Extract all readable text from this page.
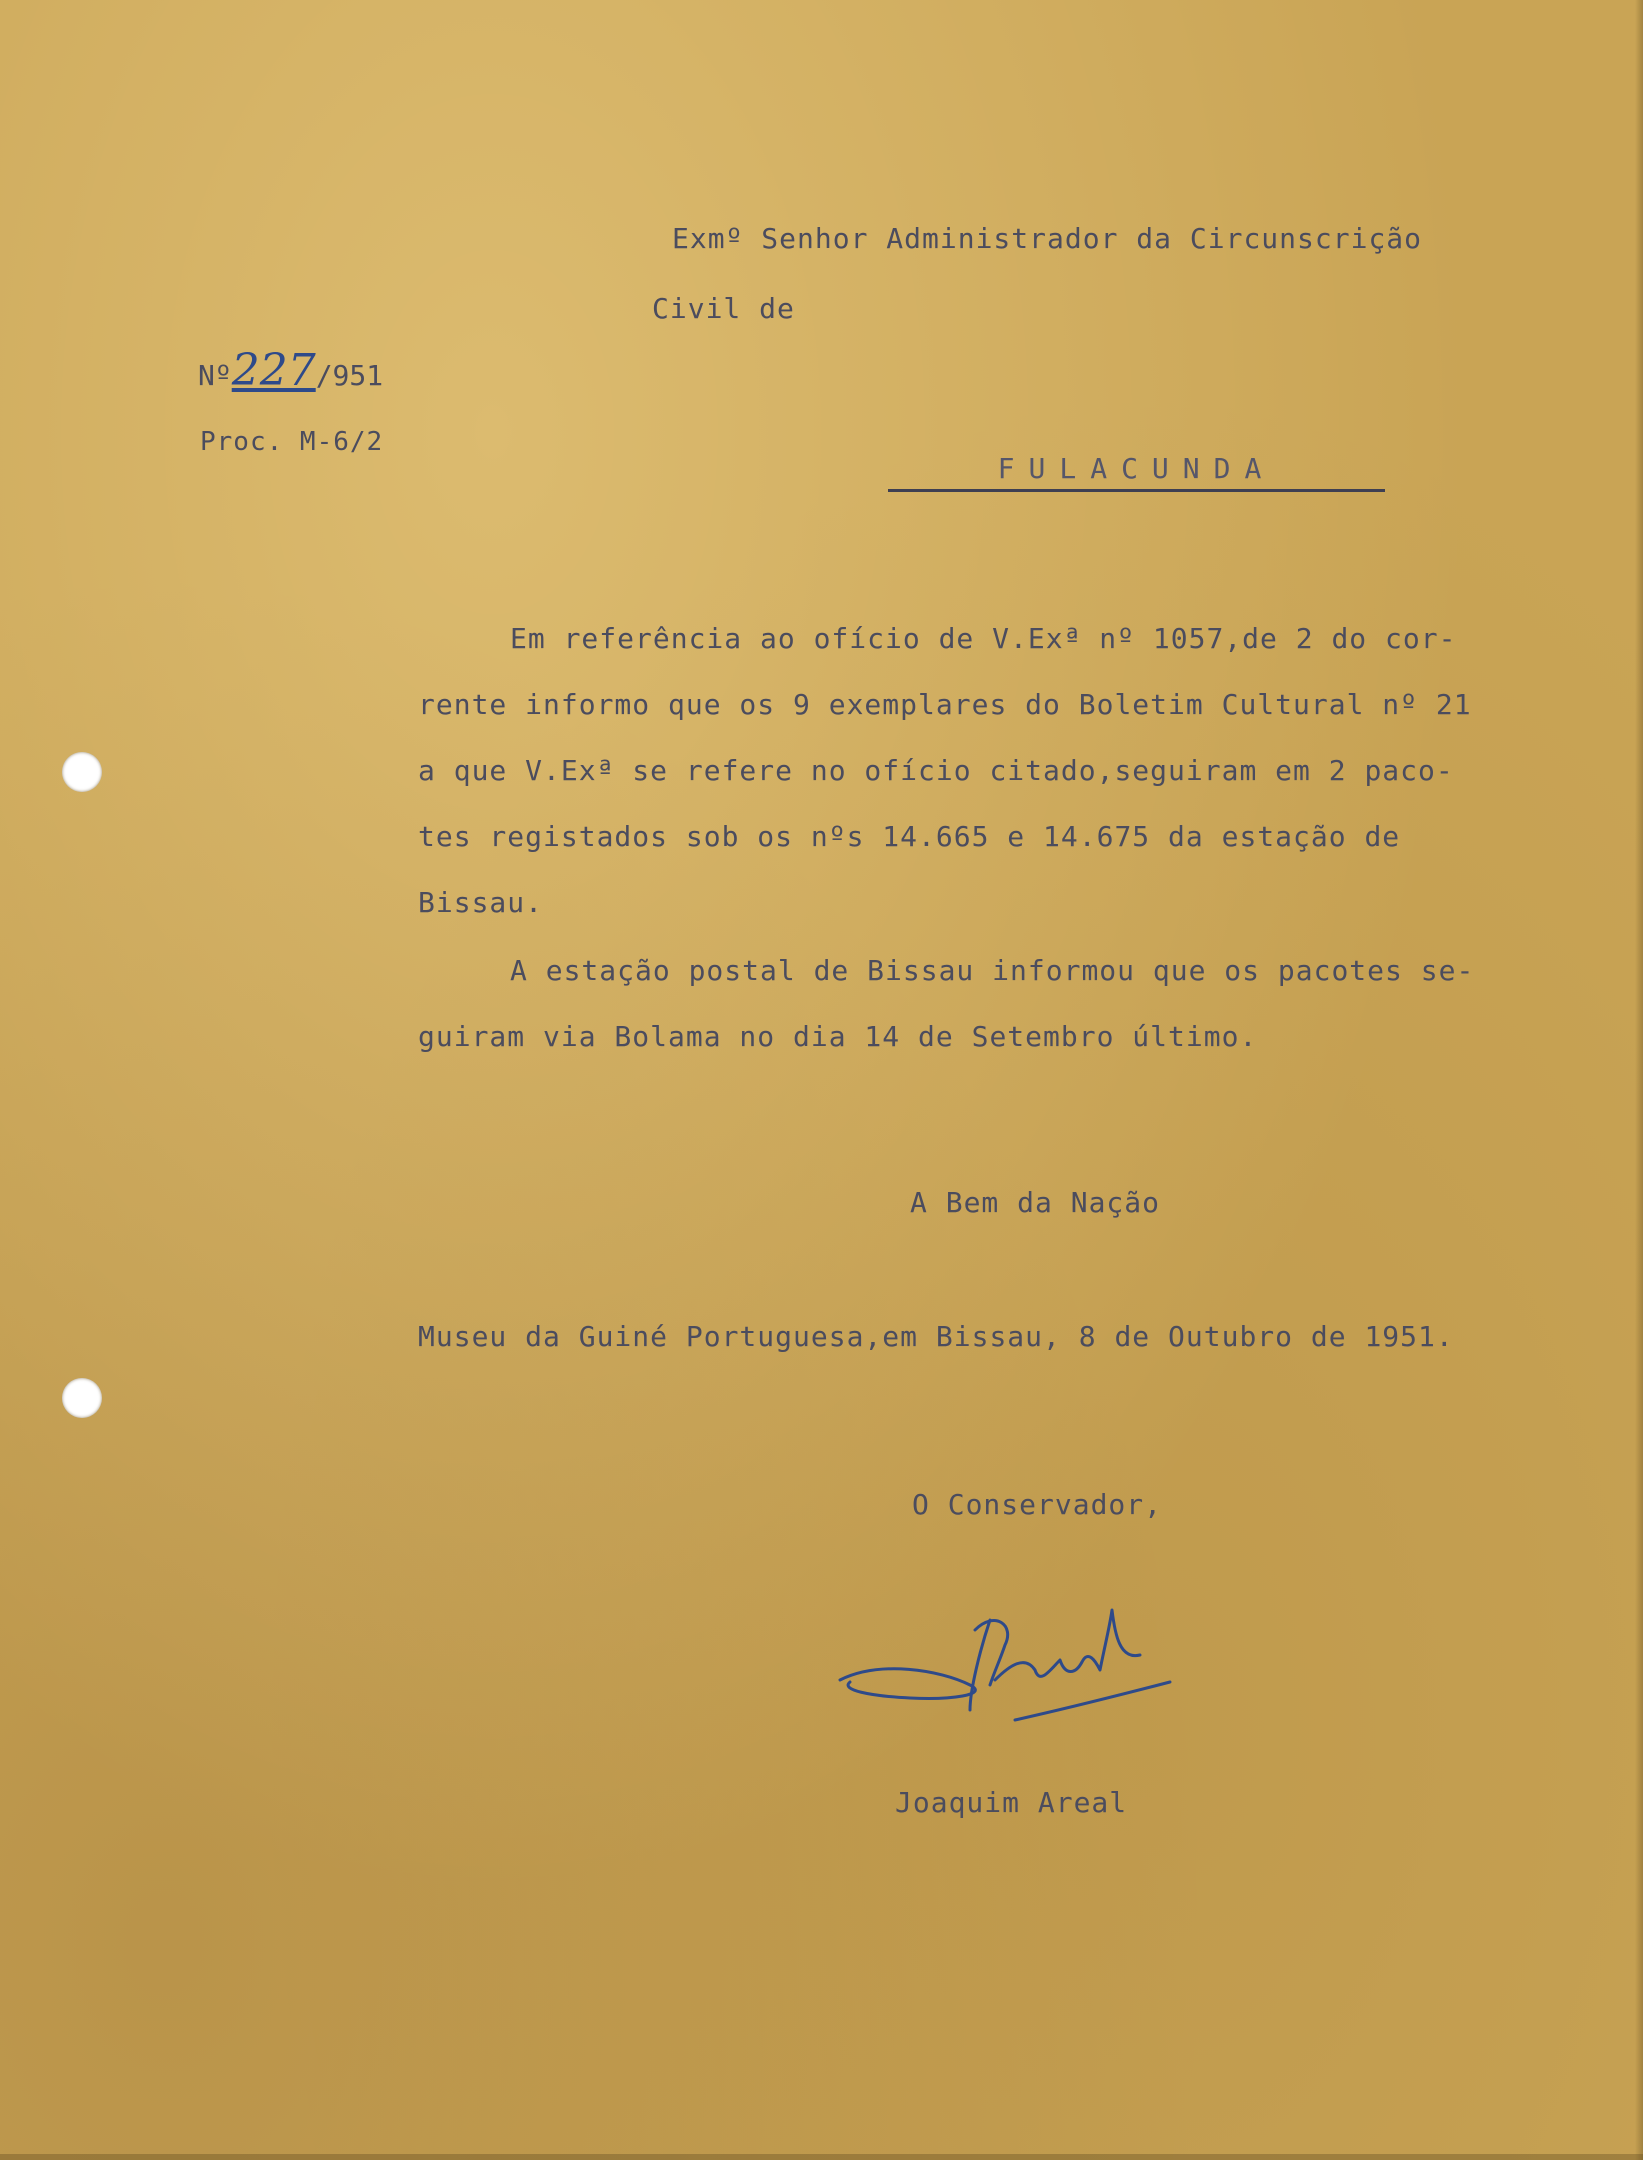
Exmº Senhor Administrador da Circunscrição
Civil de
Nº227/951
Proc. M-6/2
FULACUNDA
Em referência ao ofício de V.Exª nº 1057,de 2 do cor-
rente informo que os 9 exemplares do Boletim Cultural nº 21
a que V.Exª se refere no ofício citado,seguiram em 2 paco-
tes registados sob os nºs 14.665 e 14.675 da estação de
Bissau.
A estação postal de Bissau informou que os pacotes se-
guiram via Bolama no dia 14 de Setembro último.
A Bem da Nação
Museu da Guiné Portuguesa,em Bissau, 8 de Outubro de 1951.
O Conservador,
Joaquim Areal
